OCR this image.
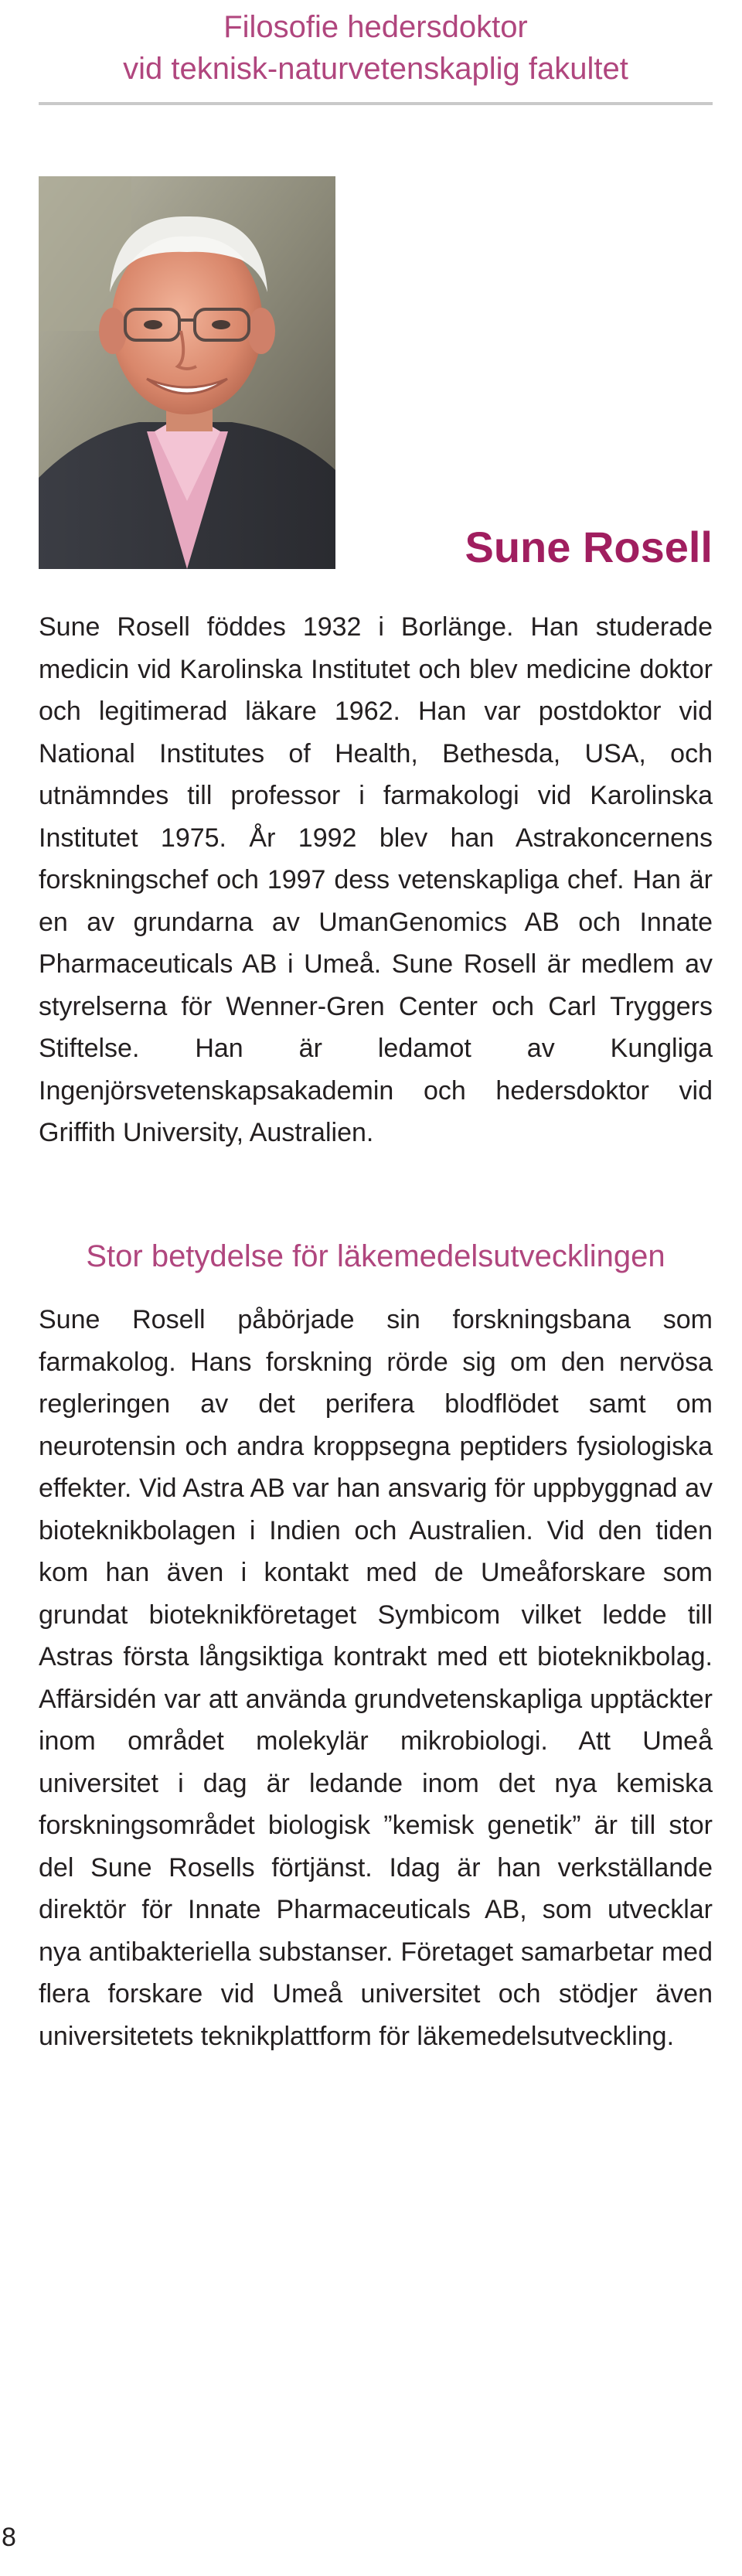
Filosofie hedersdoktor
vid teknisk-naturvetenskaplig fakultet
Sune Rosell

Sune Rosell föddes 1932 i Borlänge. Han studerade medicin vid Karolinska Institutet och blev medicine doktor och legitimerad läkare 1962. Han var postdoktor vid National Institutes of Health, Bethesda, USA, och utnämndes till professor i farmakologi vid Karolinska Institutet 1975. År 1992 blev han Astrakoncernens forskningschef och 1997 dess vetenskapliga chef. Han är en av grundarna av UmanGenomics AB och Innate Pharmaceuticals AB i Umeå. Sune Rosell är medlem av styrelserna för Wenner-Gren Center och Carl Tryggers Stiftelse. Han är ledamot av Kungliga Ingenjörsvetenskapsakademin och hedersdoktor vid Griffith University, Australien.

Stor betydelse för läkemedelsutvecklingen

Sune Rosell påbörjade sin forskningsbana som farmakolog. Hans forskning rörde sig om den nervösa regleringen av det perifera blodflödet samt om neurotensin och andra kroppsegna peptiders fysiologiska effekter. Vid Astra AB var han ansvarig för uppbyggnad av bioteknikbolagen i Indien och Australien. Vid den tiden kom han även i kontakt med de Umeåforskare som grundat bioteknikföretaget Symbicom vilket ledde till Astras första långsiktiga kontrakt med ett bioteknikbolag. Affärsidén var att använda grundvetenskapliga upptäckter inom området molekylär mikrobiologi. Att Umeå universitet i dag är ledande inom det nya kemiska forskningsområdet biologisk ”kemisk genetik” är till stor del Sune Rosells förtjänst. Idag är han verkställande direktör för Innate Pharmaceuticals AB, som utvecklar nya antibakteriella substanser. Företaget samarbetar med flera forskare vid Umeå universitet och stödjer även universitetets teknikplattform för läkemedelsutveckling.

8
